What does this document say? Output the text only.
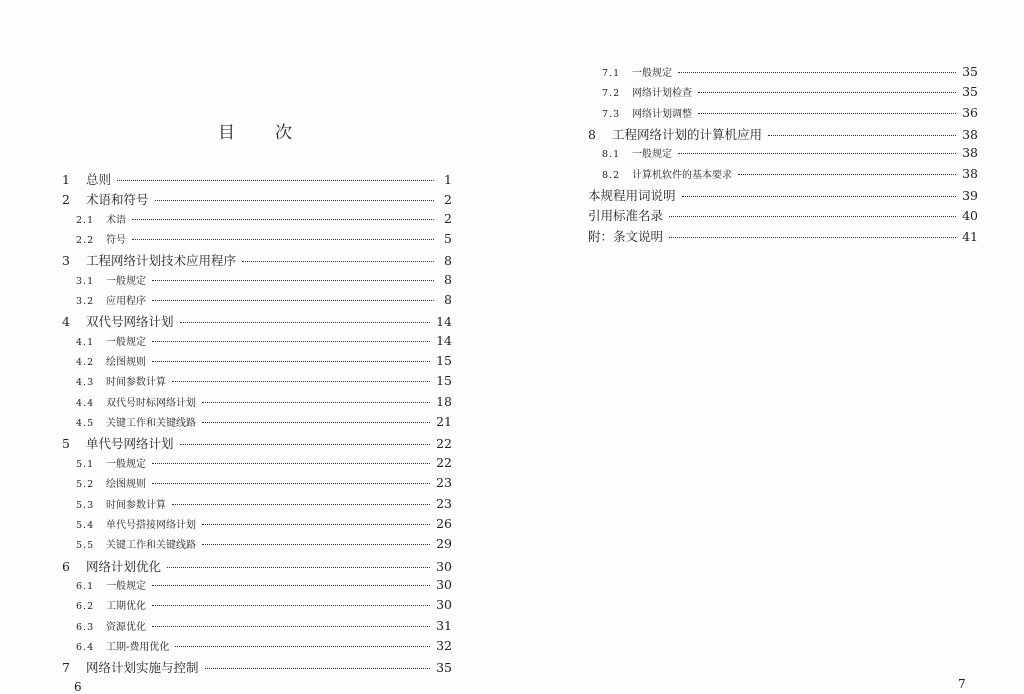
目 次
1	总则	1
2	术语和符号	2
2.1	术语	2
2.2	符号	5
3	工程网络计划技术应用程序	8
3.1	一般规定	8
3.2	应用程序	8
4	双代号网络计划	14
4.1	一般规定	14
4.2	绘图规则	15
4.3	时间参数计算	15
4.4	双代号时标网络计划	18
4.5	关键工作和关键线路	21
5	单代号网络计划	22
5.1	一般规定	22
5.2	绘图规则	23
5.3	时间参数计算	23
5.4	单代号搭接网络计划	26
5.5	关键工作和关键线路	29
6	网络计划优化	30
6.1	一般规定	30
6.2	工期优化	30
6.3	资源优化	31
6.4	工期-费用优化	32
7	网络计划实施与控制	35
6
7.1	一般规定	35
7.2	网络计划检查	35
7.3	网络计划调整	36
8	工程网络计划的计算机应用	38
8.1	一般规定	38
8.2	计算机软件的基本要求	38
本规程用词说明	39
引用标准名录	40
附：条文说明	41
7
